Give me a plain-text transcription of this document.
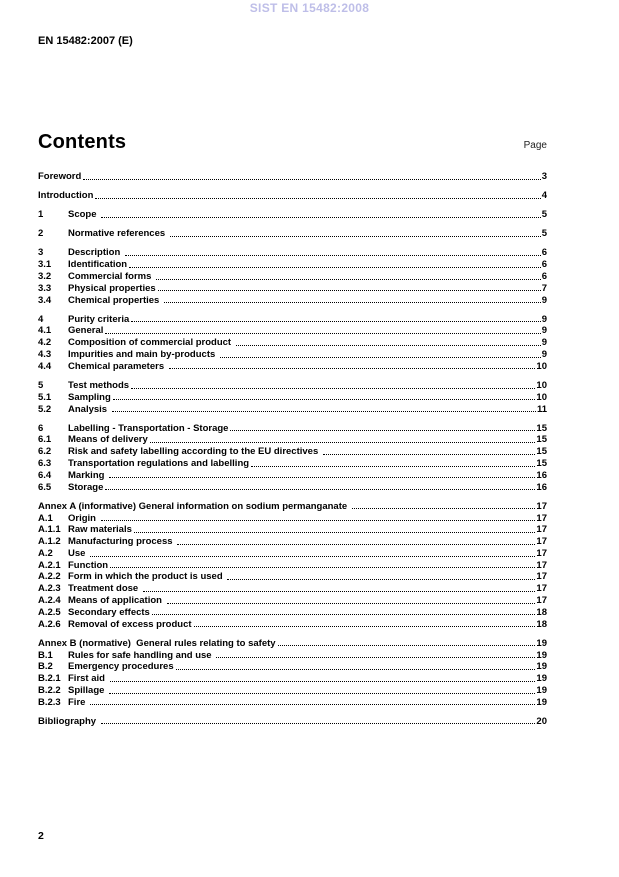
SIST EN 15482:2008
EN 15482:2007 (E)
Contents	Page
Foreword	3
Introduction	4
1	Scope	5
2	Normative references	5
3	Description	6
3.1	Identification	6
3.2	Commercial forms	6
3.3	Physical properties	7
3.4	Chemical properties	9
4	Purity criteria	9
4.1	General	9
4.2	Composition of commercial product	9
4.3	Impurities and main by-products	9
4.4	Chemical parameters	10
5	Test methods	10
5.1	Sampling	10
5.2	Analysis	11
6	Labelling - Transportation - Storage	15
6.1	Means of delivery	15
6.2	Risk and safety labelling according to the EU directives	15
6.3	Transportation regulations and labelling	15
6.4	Marking	16
6.5	Storage	16
Annex A (informative) General information on sodium permanganate	17
A.1	Origin	17
A.1.1 Raw materials	17
A.1.2 Manufacturing process	17
A.2	Use	17
A.2.1 Function	17
A.2.2 Form in which the product is used	17
A.2.3 Treatment dose	17
A.2.4 Means of application	17
A.2.5 Secondary effects	18
A.2.6 Removal of excess product	18
Annex B (normative)  General rules relating to safety	19
B.1	Rules for safe handling and use	19
B.2	Emergency procedures	19
B.2.1 First aid	19
B.2.2 Spillage	19
B.2.3 Fire	19
Bibliography	20
2
